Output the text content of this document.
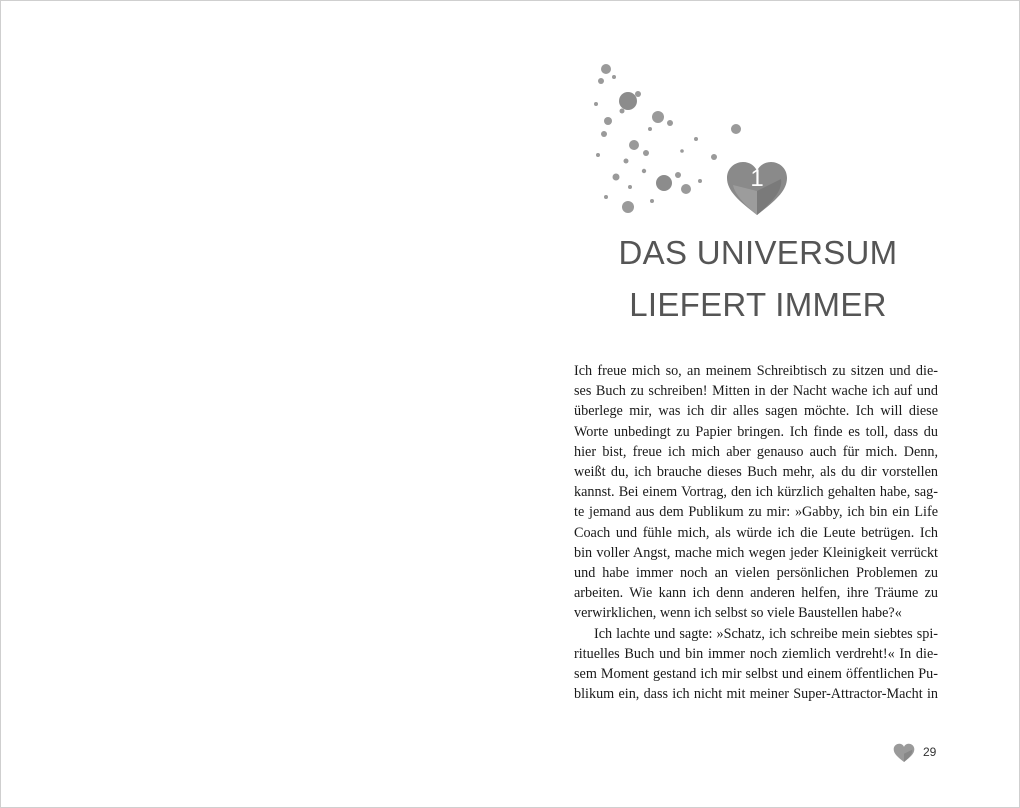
1
DAS UNIVERSUM
LIEFERT IMMER
Ich freue mich so, an meinem Schreibtisch zu sitzen und die-
ses Buch zu schreiben! Mitten in der Nacht wache ich auf und
überlege mir, was ich dir alles sagen möchte. Ich will diese
Worte unbedingt zu Papier bringen. Ich finde es toll, dass du
hier bist, freue ich mich aber genauso auch für mich. Denn,
weißt du, ich brauche dieses Buch mehr, als du dir vorstellen
kannst. Bei einem Vortrag, den ich kürzlich gehalten habe, sag-
te jemand aus dem Publikum zu mir: »Gabby, ich bin ein Life
Coach und fühle mich, als würde ich die Leute betrügen. Ich
bin voller Angst, mache mich wegen jeder Kleinigkeit verrückt
und habe immer noch an vielen persönlichen Problemen zu
arbeiten. Wie kann ich denn anderen helfen, ihre Träume zu
verwirklichen, wenn ich selbst so viele Baustellen habe?«
Ich lachte und sagte: »Schatz, ich schreibe mein siebtes spi-
rituelles Buch und bin immer noch ziemlich verdreht!« In die-
sem Moment gestand ich mir selbst und einem öffentlichen Pu-
blikum ein, dass ich nicht mit meiner Super-Attractor-Macht in
29
